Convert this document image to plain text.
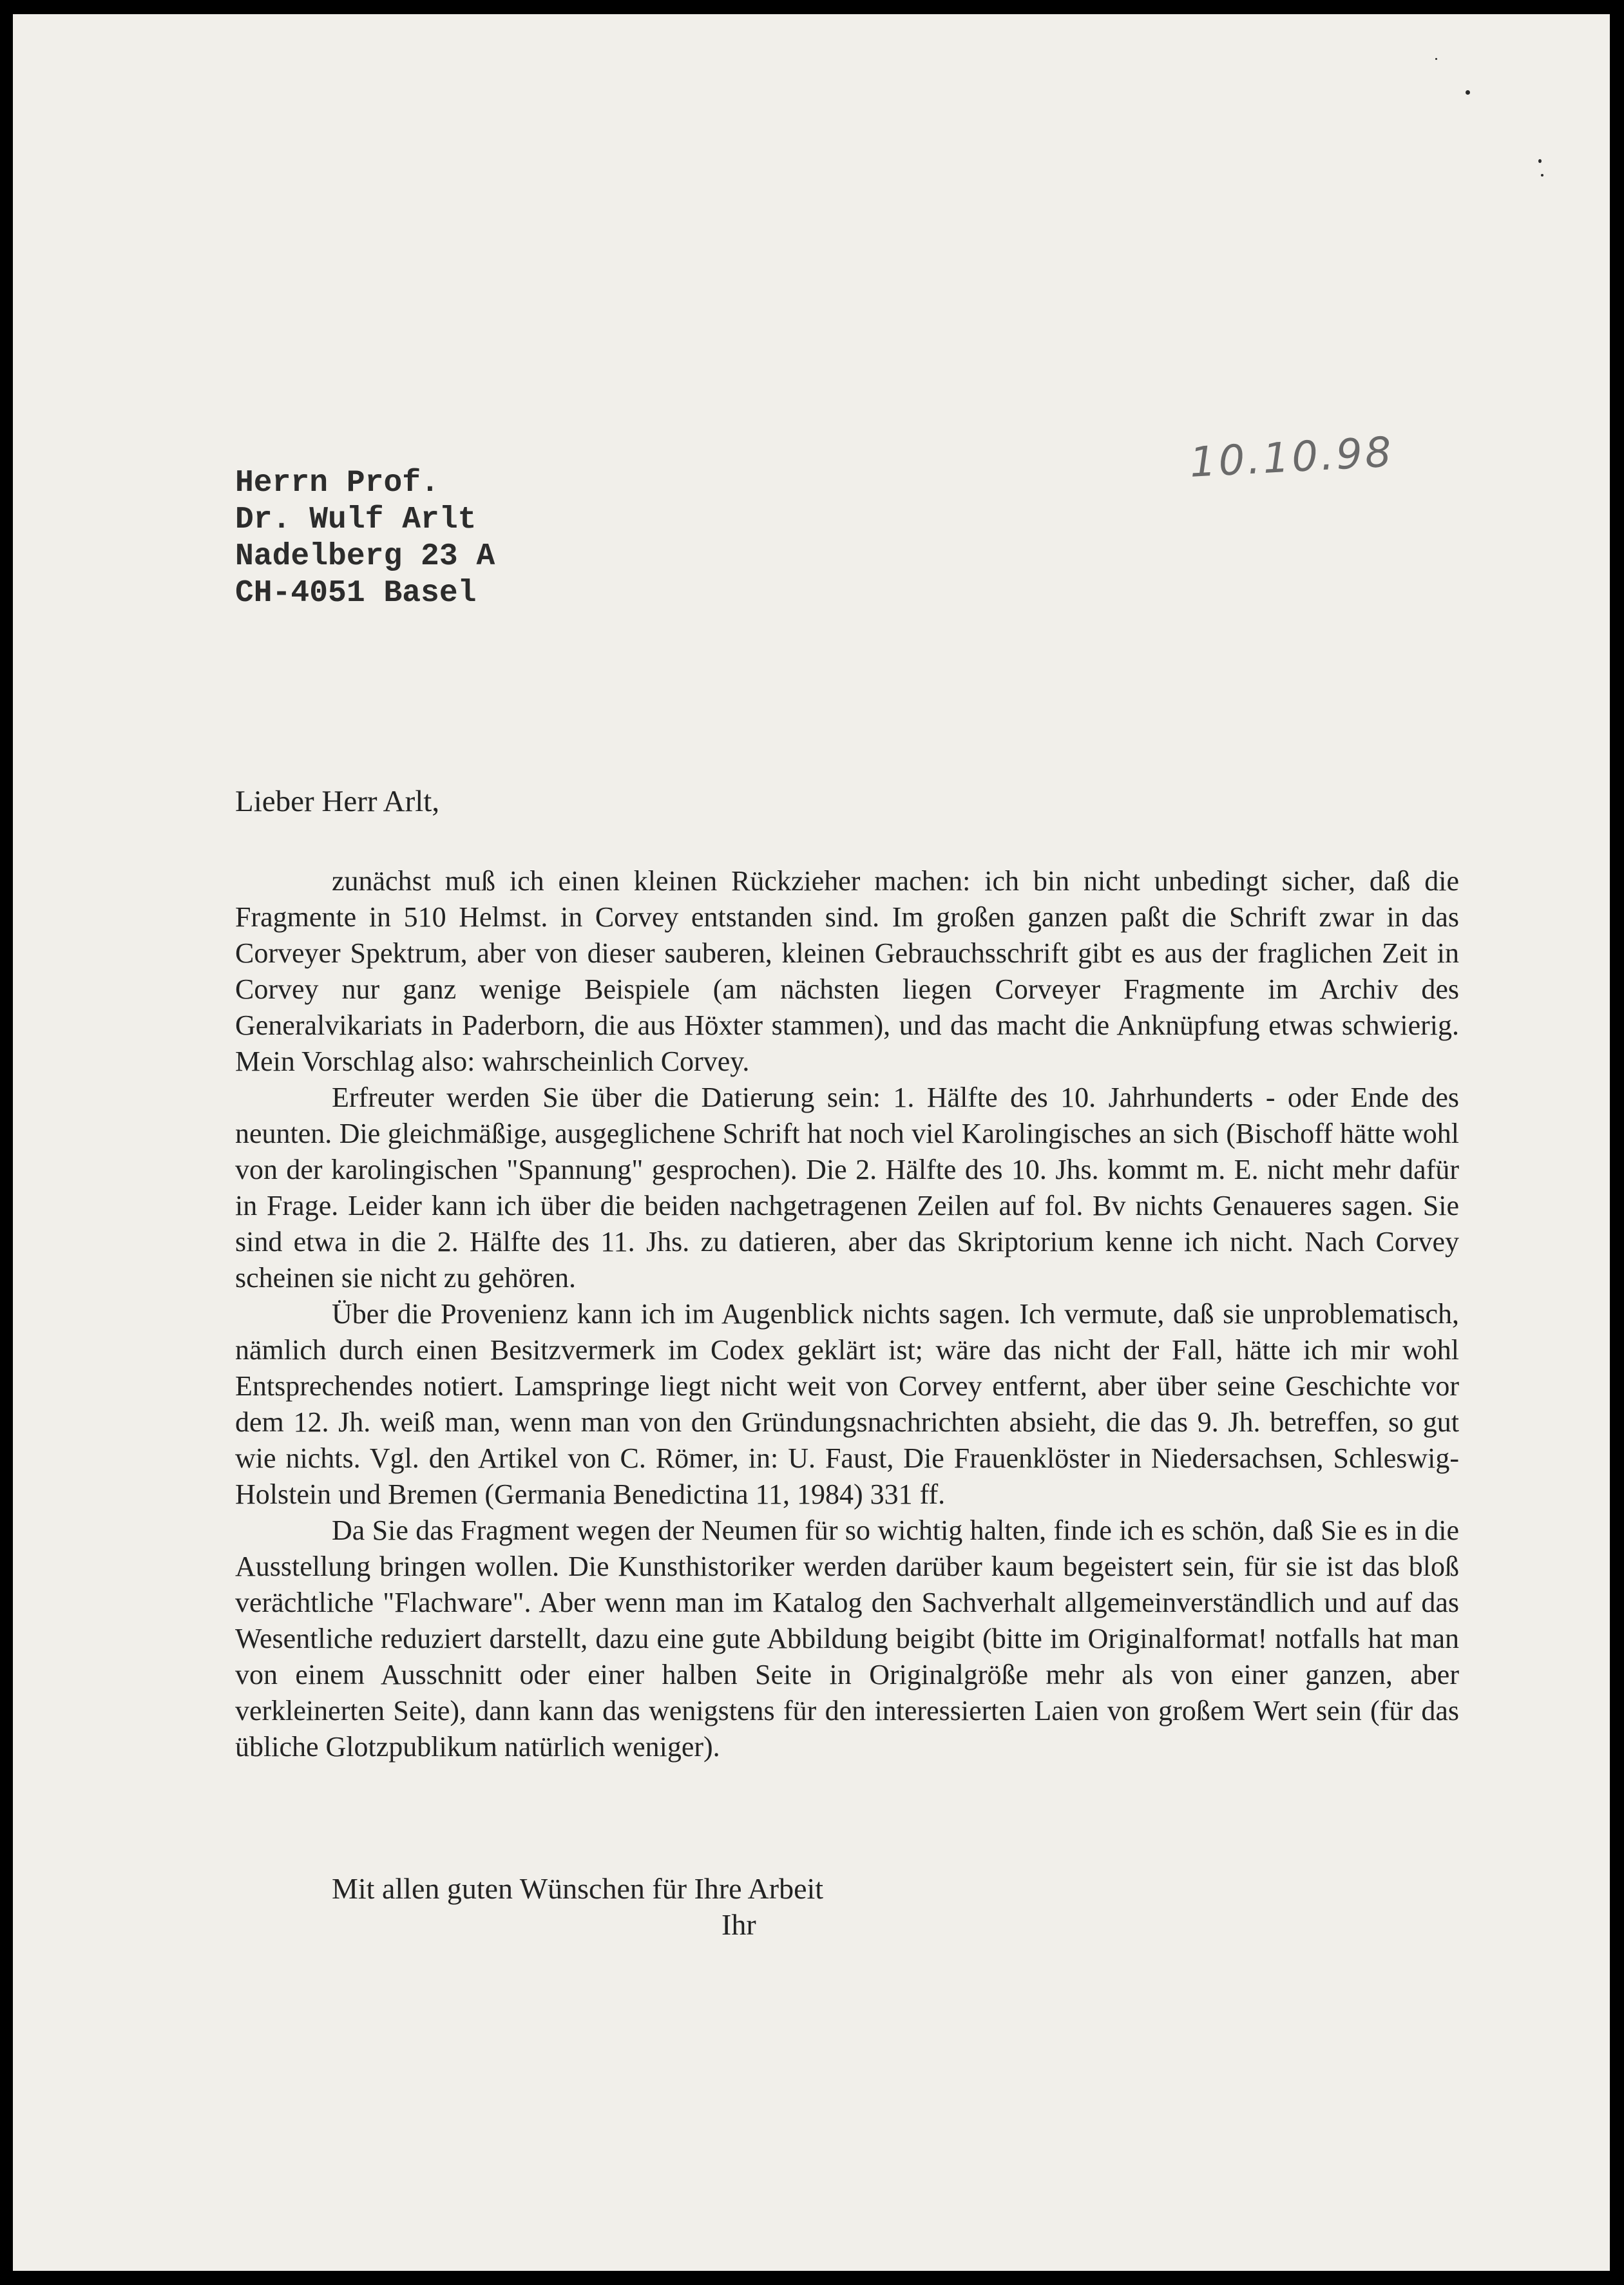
10.10.98
Herrn Prof.
Dr. Wulf Arlt
Nadelberg 23 A
CH-4051 Basel
Lieber Herr Arlt,

zunächst muß ich einen kleinen Rückzieher machen: ich bin nicht unbedingt sicher, daß die Fragmente in 510 Helmst. in Corvey entstanden sind. Im großen ganzen paßt die Schrift zwar in das Corveyer Spektrum, aber von dieser sauberen, kleinen Gebrauchsschrift gibt es aus der fraglichen Zeit in Corvey nur ganz wenige Beispiele (am nächsten liegen Corveyer Fragmente im Archiv des Generalvikariats in Paderborn, die aus Höxter stammen), und das macht die Anknüpfung etwas schwierig. Mein Vorschlag also: wahrscheinlich Corvey.

Erfreuter werden Sie über die Datierung sein: 1. Hälfte des 10. Jahrhunderts - oder Ende des neunten. Die gleichmäßige, ausgeglichene Schrift hat noch viel Karolingisches an sich (Bischoff hätte wohl von der karolingischen "Spannung" gesprochen). Die 2. Hälfte des 10. Jhs. kommt m. E. nicht mehr dafür in Frage. Leider kann ich über die beiden nachgetragenen Zeilen auf fol. Bv nichts Genaueres sagen. Sie sind etwa in die 2. Hälfte des 11. Jhs. zu datieren, aber das Skriptorium kenne ich nicht. Nach Corvey scheinen sie nicht zu gehören.

Über die Provenienz kann ich im Augenblick nichts sagen. Ich vermute, daß sie unproblematisch, nämlich durch einen Besitzvermerk im Codex geklärt ist; wäre das nicht der Fall, hätte ich mir wohl Entsprechendes notiert. Lamspringe liegt nicht weit von Corvey entfernt, aber über seine Geschichte vor dem 12. Jh. weiß man, wenn man von den Gründungsnachrichten absieht, die das 9. Jh. betreffen, so gut wie nichts. Vgl. den Artikel von C. Römer, in: U. Faust, Die Frauenklöster in Niedersachsen, Schleswig-Holstein und Bremen (Germania Benedictina 11, 1984) 331 ff.

Da Sie das Fragment wegen der Neumen für so wichtig halten, finde ich es schön, daß Sie es in die Ausstellung bringen wollen. Die Kunsthistoriker werden darüber kaum begeistert sein, für sie ist das bloß verächtliche "Flachware". Aber wenn man im Katalog den Sachverhalt allgemeinverständlich und auf das Wesentliche reduziert darstellt, dazu eine gute Abbildung beigibt (bitte im Originalformat! notfalls hat man von einem Ausschnitt oder einer halben Seite in Originalgröße mehr als von einer ganzen, aber verkleinerten Seite), dann kann das wenigstens für den interessierten Laien von großem Wert sein (für das übliche Glotzpublikum natürlich weniger).

Mit allen guten Wünschen für Ihre Arbeit
Ihr
